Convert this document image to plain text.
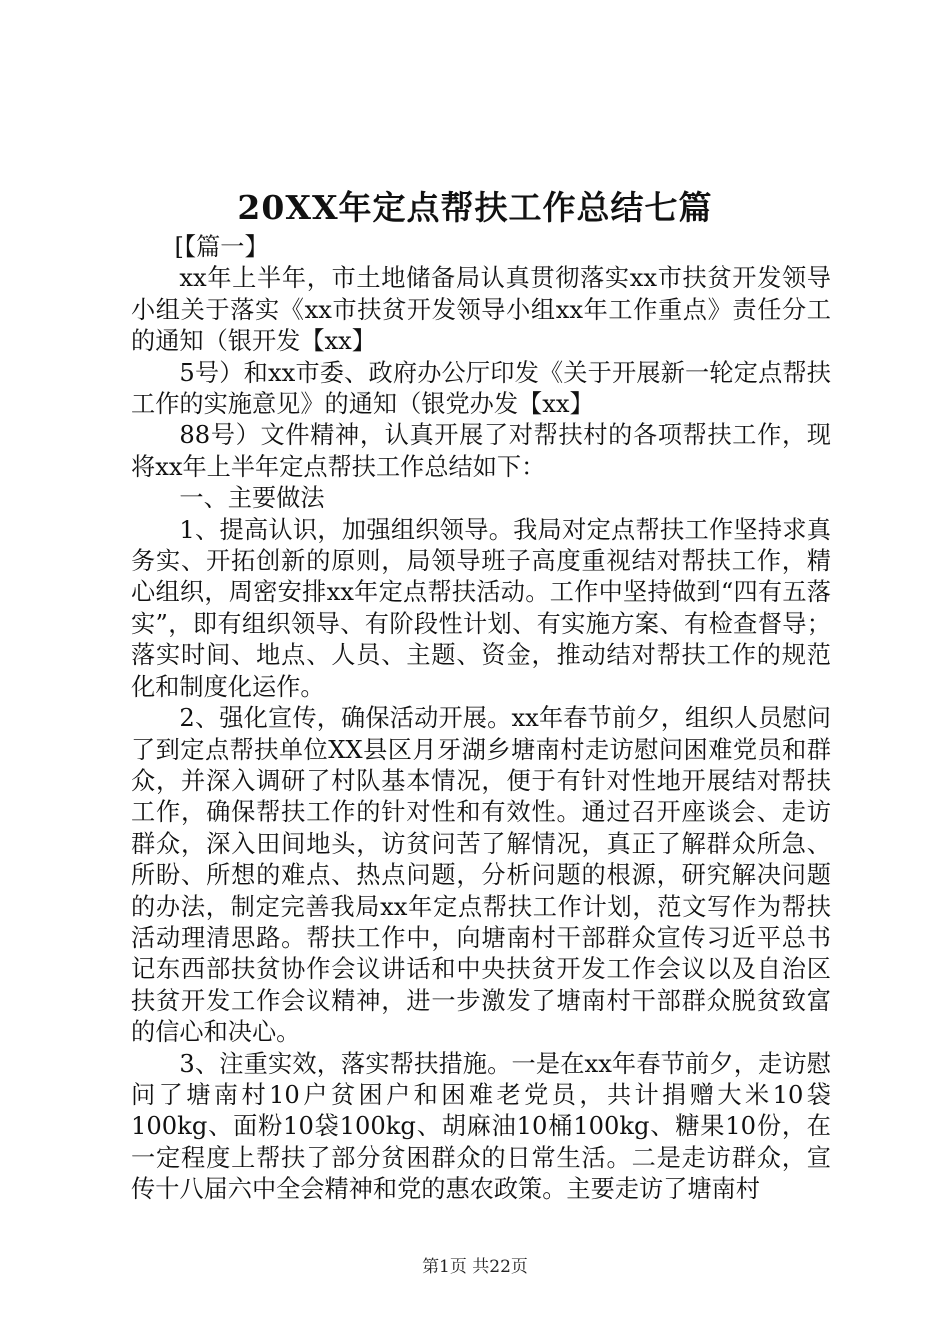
20XX年定点帮扶工作总结七篇

[【篇一】

xx年上半年，市土地储备局认真贯彻落实xx市扶贫开发领导小组关于落实《xx市扶贫开发领导小组xx年工作重点》责任分工的通知（银开发【xx】

5号）和xx市委、政府办公厅印发《关于开展新一轮定点帮扶工作的实施意见》的通知（银党办发【xx】

88号）文件精神，认真开展了对帮扶村的各项帮扶工作，现将xx年上半年定点帮扶工作总结如下：

一、主要做法

1、提高认识，加强组织领导。我局对定点帮扶工作坚持求真务实、开拓创新的原则，局领导班子高度重视结对帮扶工作，精心组织，周密安排xx年定点帮扶活动。工作中坚持做到“四有五落实”，即有组织领导、有阶段性计划、有实施方案、有检查督导；落实时间、地点、人员、主题、资金，推动结对帮扶工作的规范化和制度化运作。

2、强化宣传，确保活动开展。xx年春节前夕，组织人员慰问了到定点帮扶单位XX县区月牙湖乡塘南村走访慰问困难党员和群众，并深入调研了村队基本情况，便于有针对性地开展结对帮扶工作，确保帮扶工作的针对性和有效性。通过召开座谈会、走访群众，深入田间地头，访贫问苦了解情况，真正了解群众所急、所盼、所想的难点、热点问题，分析问题的根源，研究解决问题的办法，制定完善我局xx年定点帮扶工作计划，范文写作为帮扶活动理清思路。帮扶工作中，向塘南村干部群众宣传习近平总书记东西部扶贫协作会议讲话和中央扶贫开发工作会议以及自治区扶贫开发工作会议精神，进一步激发了塘南村干部群众脱贫致富的信心和决心。

3、注重实效，落实帮扶措施。一是在xx年春节前夕，走访慰问了塘南村10户贫困户和困难老党员，共计捐赠大米10袋100kg、面粉10袋100kg、胡麻油10桶100kg、糖果10份，在一定程度上帮扶了部分贫困群众的日常生活。二是走访群众，宣传十八届六中全会精神和党的惠农政策。主要走访了塘南村

第1页 共22页
